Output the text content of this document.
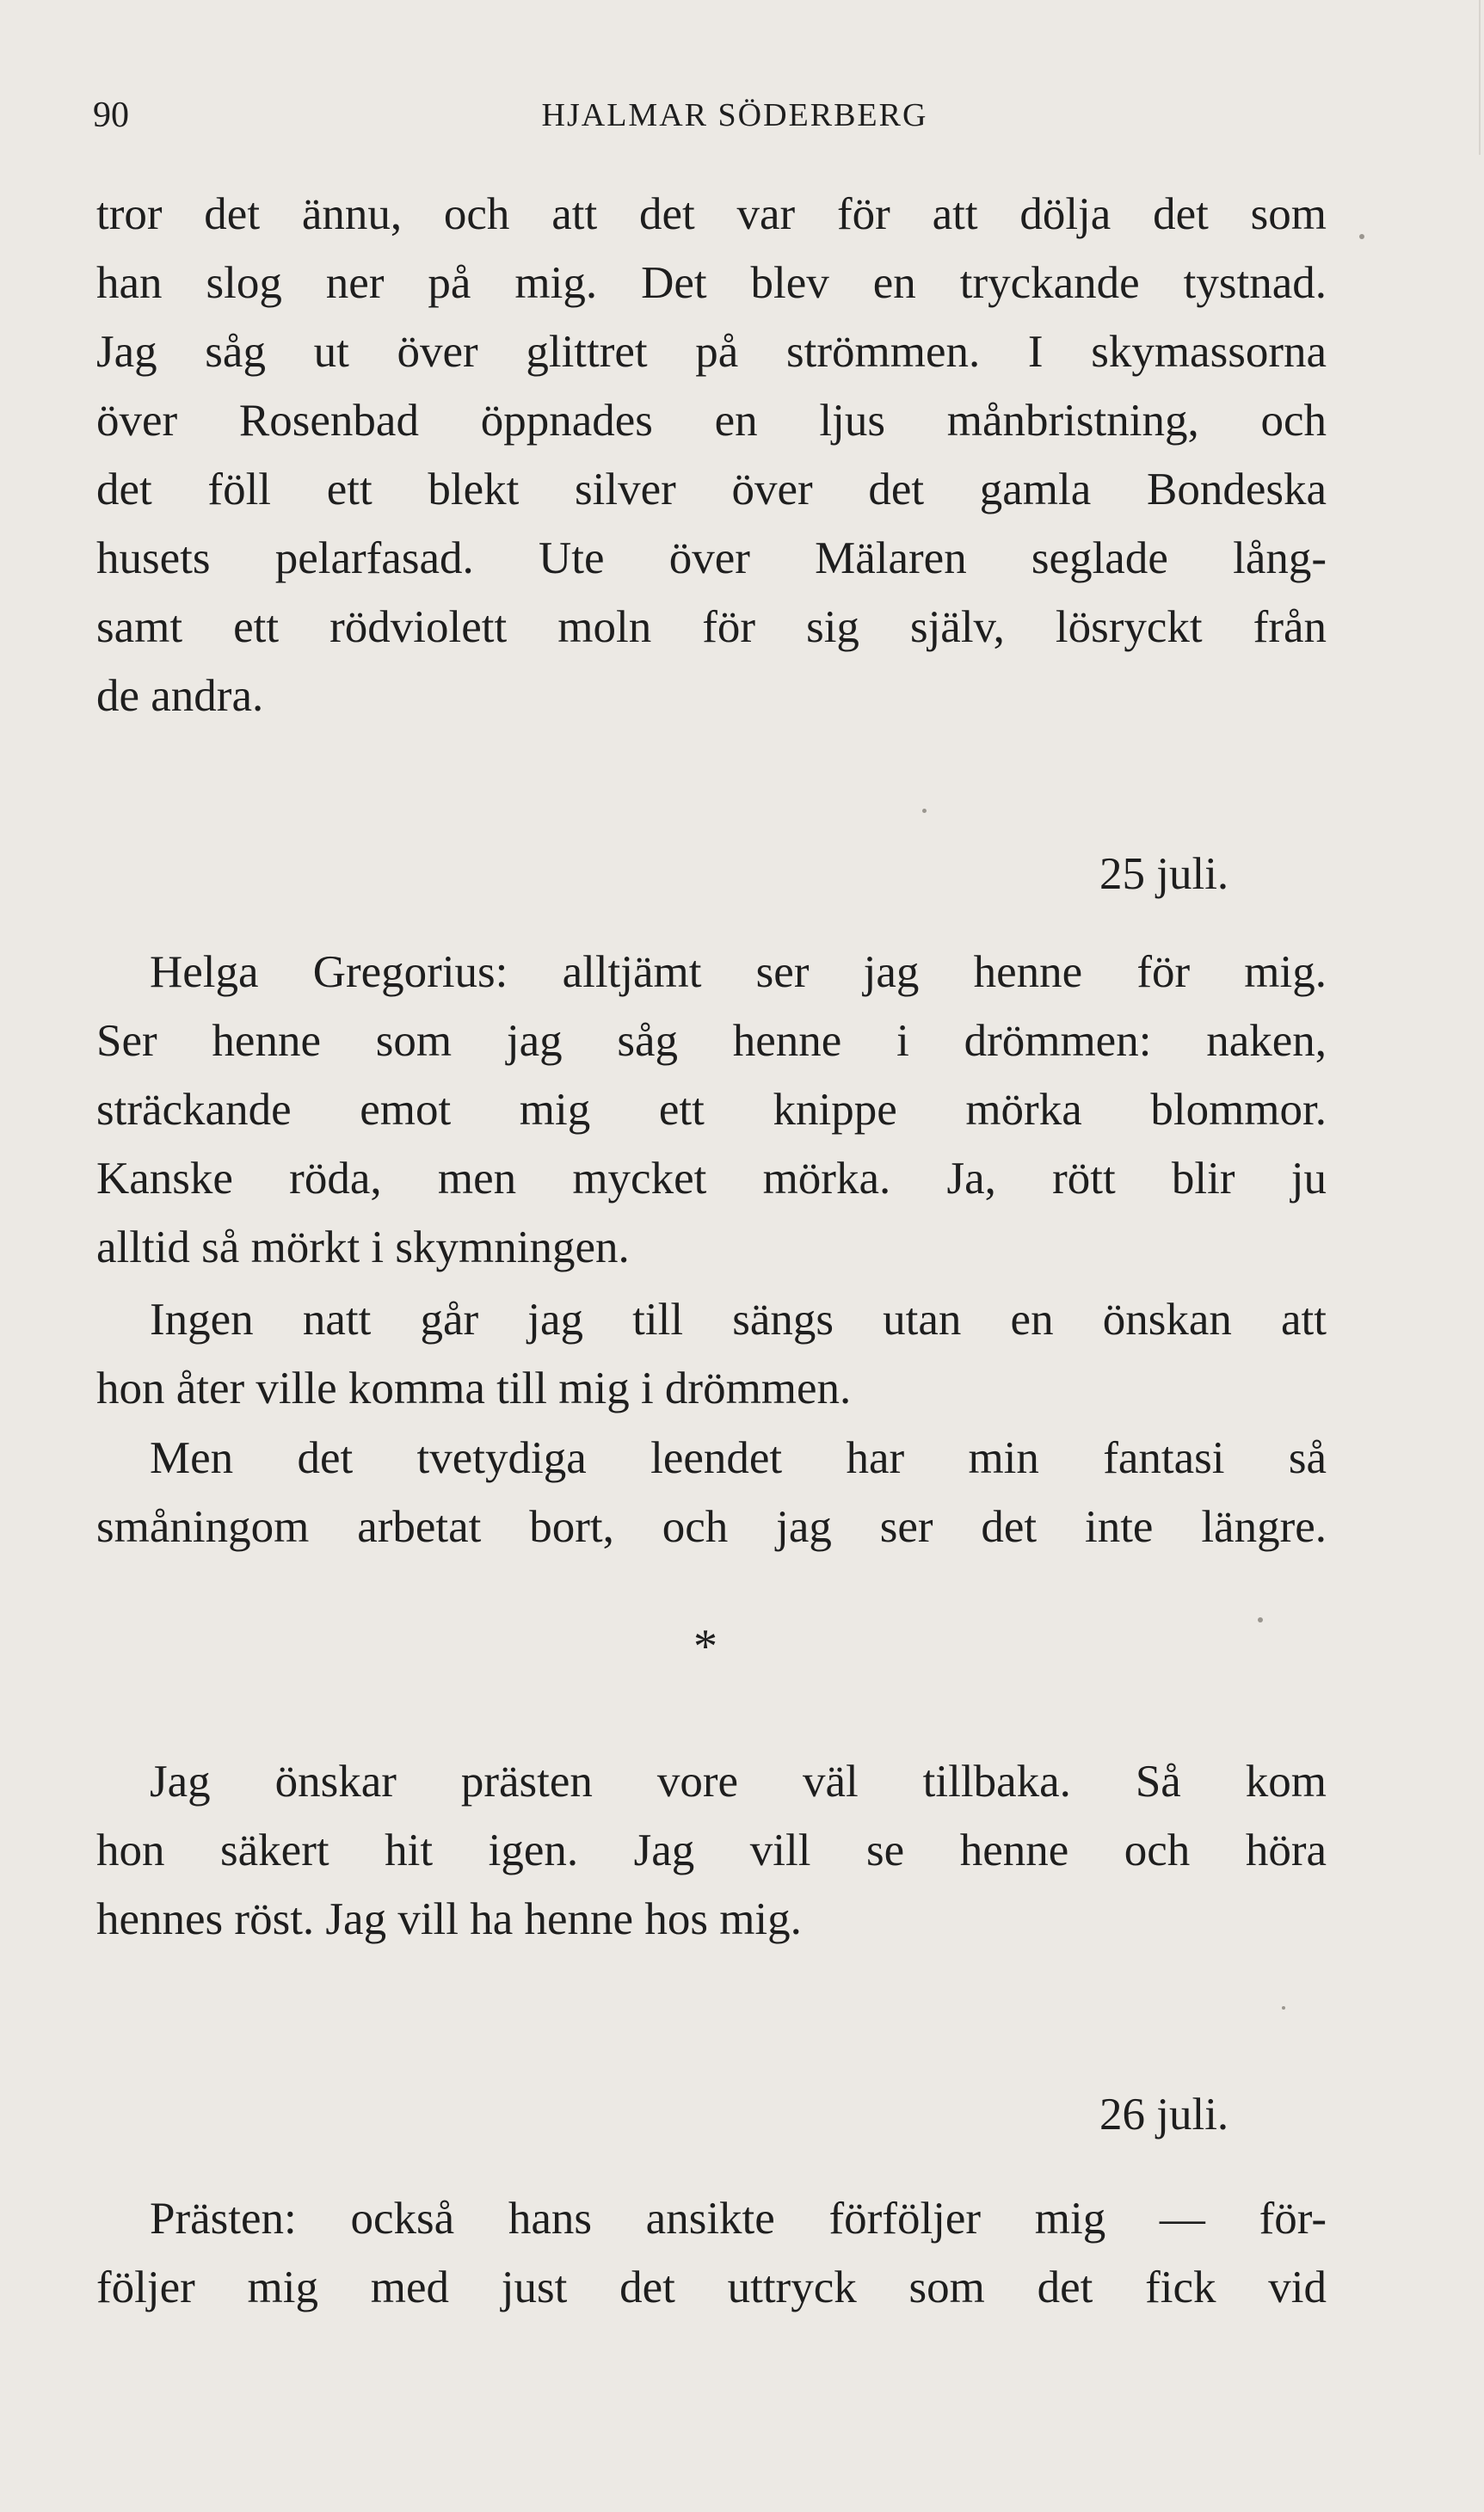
90	HJALMAR SÖDERBERG
tror det ännu, och att det var för att dölja det som
han slog ner på mig. Det blev en tryckande tystnad.
Jag såg ut över glittret på strömmen. I skymassorna
över Rosenbad öppnades en ljus månbristning, och
det föll ett blekt silver över det gamla Bondeska
husets pelarfasad. Ute över Mälaren seglade lång-
samt ett rödviolett moln för sig själv, lösryckt från
de andra.
25 juli.
Helga Gregorius: alltjämt ser jag henne för mig.
Ser henne som jag såg henne i drömmen: naken,
sträckande emot mig ett knippe mörka blommor.
Kanske röda, men mycket mörka. Ja, rött blir ju
alltid så mörkt i skymningen.
Ingen natt går jag till sängs utan en önskan att
hon åter ville komma till mig i drömmen.
Men det tvetydiga leendet har min fantasi så
småningom arbetat bort, och jag ser det inte längre.
*
Jag önskar prästen vore väl tillbaka. Så kom
hon säkert hit igen. Jag vill se henne och höra
hennes röst. Jag vill ha henne hos mig.
26 juli.
Prästen: också hans ansikte förföljer mig — för-
följer mig med just det uttryck som det fick vid
